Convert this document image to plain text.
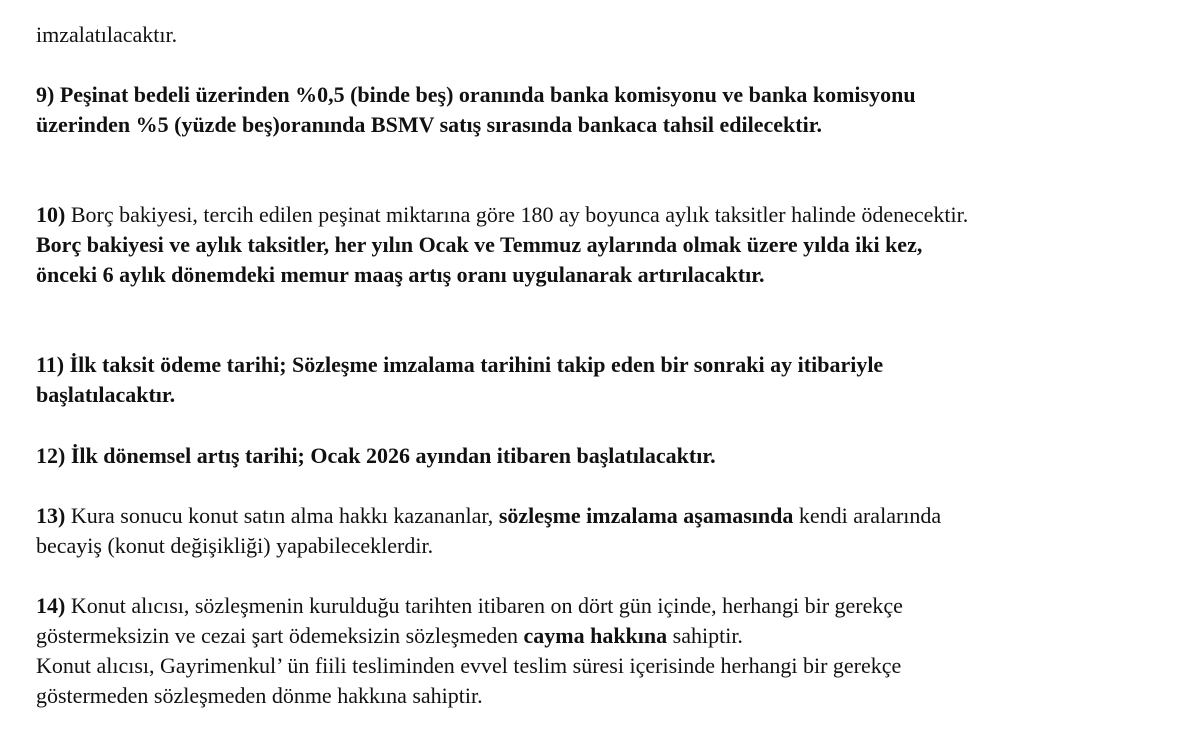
imzalatılacaktır.
9) Peşinat bedeli üzerinden %0,5 (binde beş) oranında banka komisyonu ve banka komisyonu
üzerinden %5 (yüzde beş)oranında BSMV satış sırasında bankaca tahsil edilecektir.
10) Borç bakiyesi, tercih edilen peşinat miktarına göre 180 ay boyunca aylık taksitler halinde ödenecektir.
Borç bakiyesi ve aylık taksitler, her yılın Ocak ve Temmuz aylarında olmak üzere yılda iki kez,
önceki 6 aylık dönemdeki memur maaş artış oranı uygulanarak artırılacaktır.
11) İlk taksit ödeme tarihi; Sözleşme imzalama tarihini takip eden bir sonraki ay itibariyle
başlatılacaktır.
12) İlk dönemsel artış tarihi; Ocak 2026 ayından itibaren başlatılacaktır.
13) Kura sonucu konut satın alma hakkı kazananlar, sözleşme imzalama aşamasında kendi aralarında
becayiş (konut değişikliği) yapabileceklerdir.
14) Konut alıcısı, sözleşmenin kurulduğu tarihten itibaren on dört gün içinde, herhangi bir gerekçe
göstermeksizin ve cezai şart ödemeksizin sözleşmeden cayma hakkına sahiptir.
Konut alıcısı, Gayrimenkul’ ün fiili tesliminden evvel teslim süresi içerisinde herhangi bir gerekçe
göstermeden sözleşmeden dönme hakkına sahiptir.
